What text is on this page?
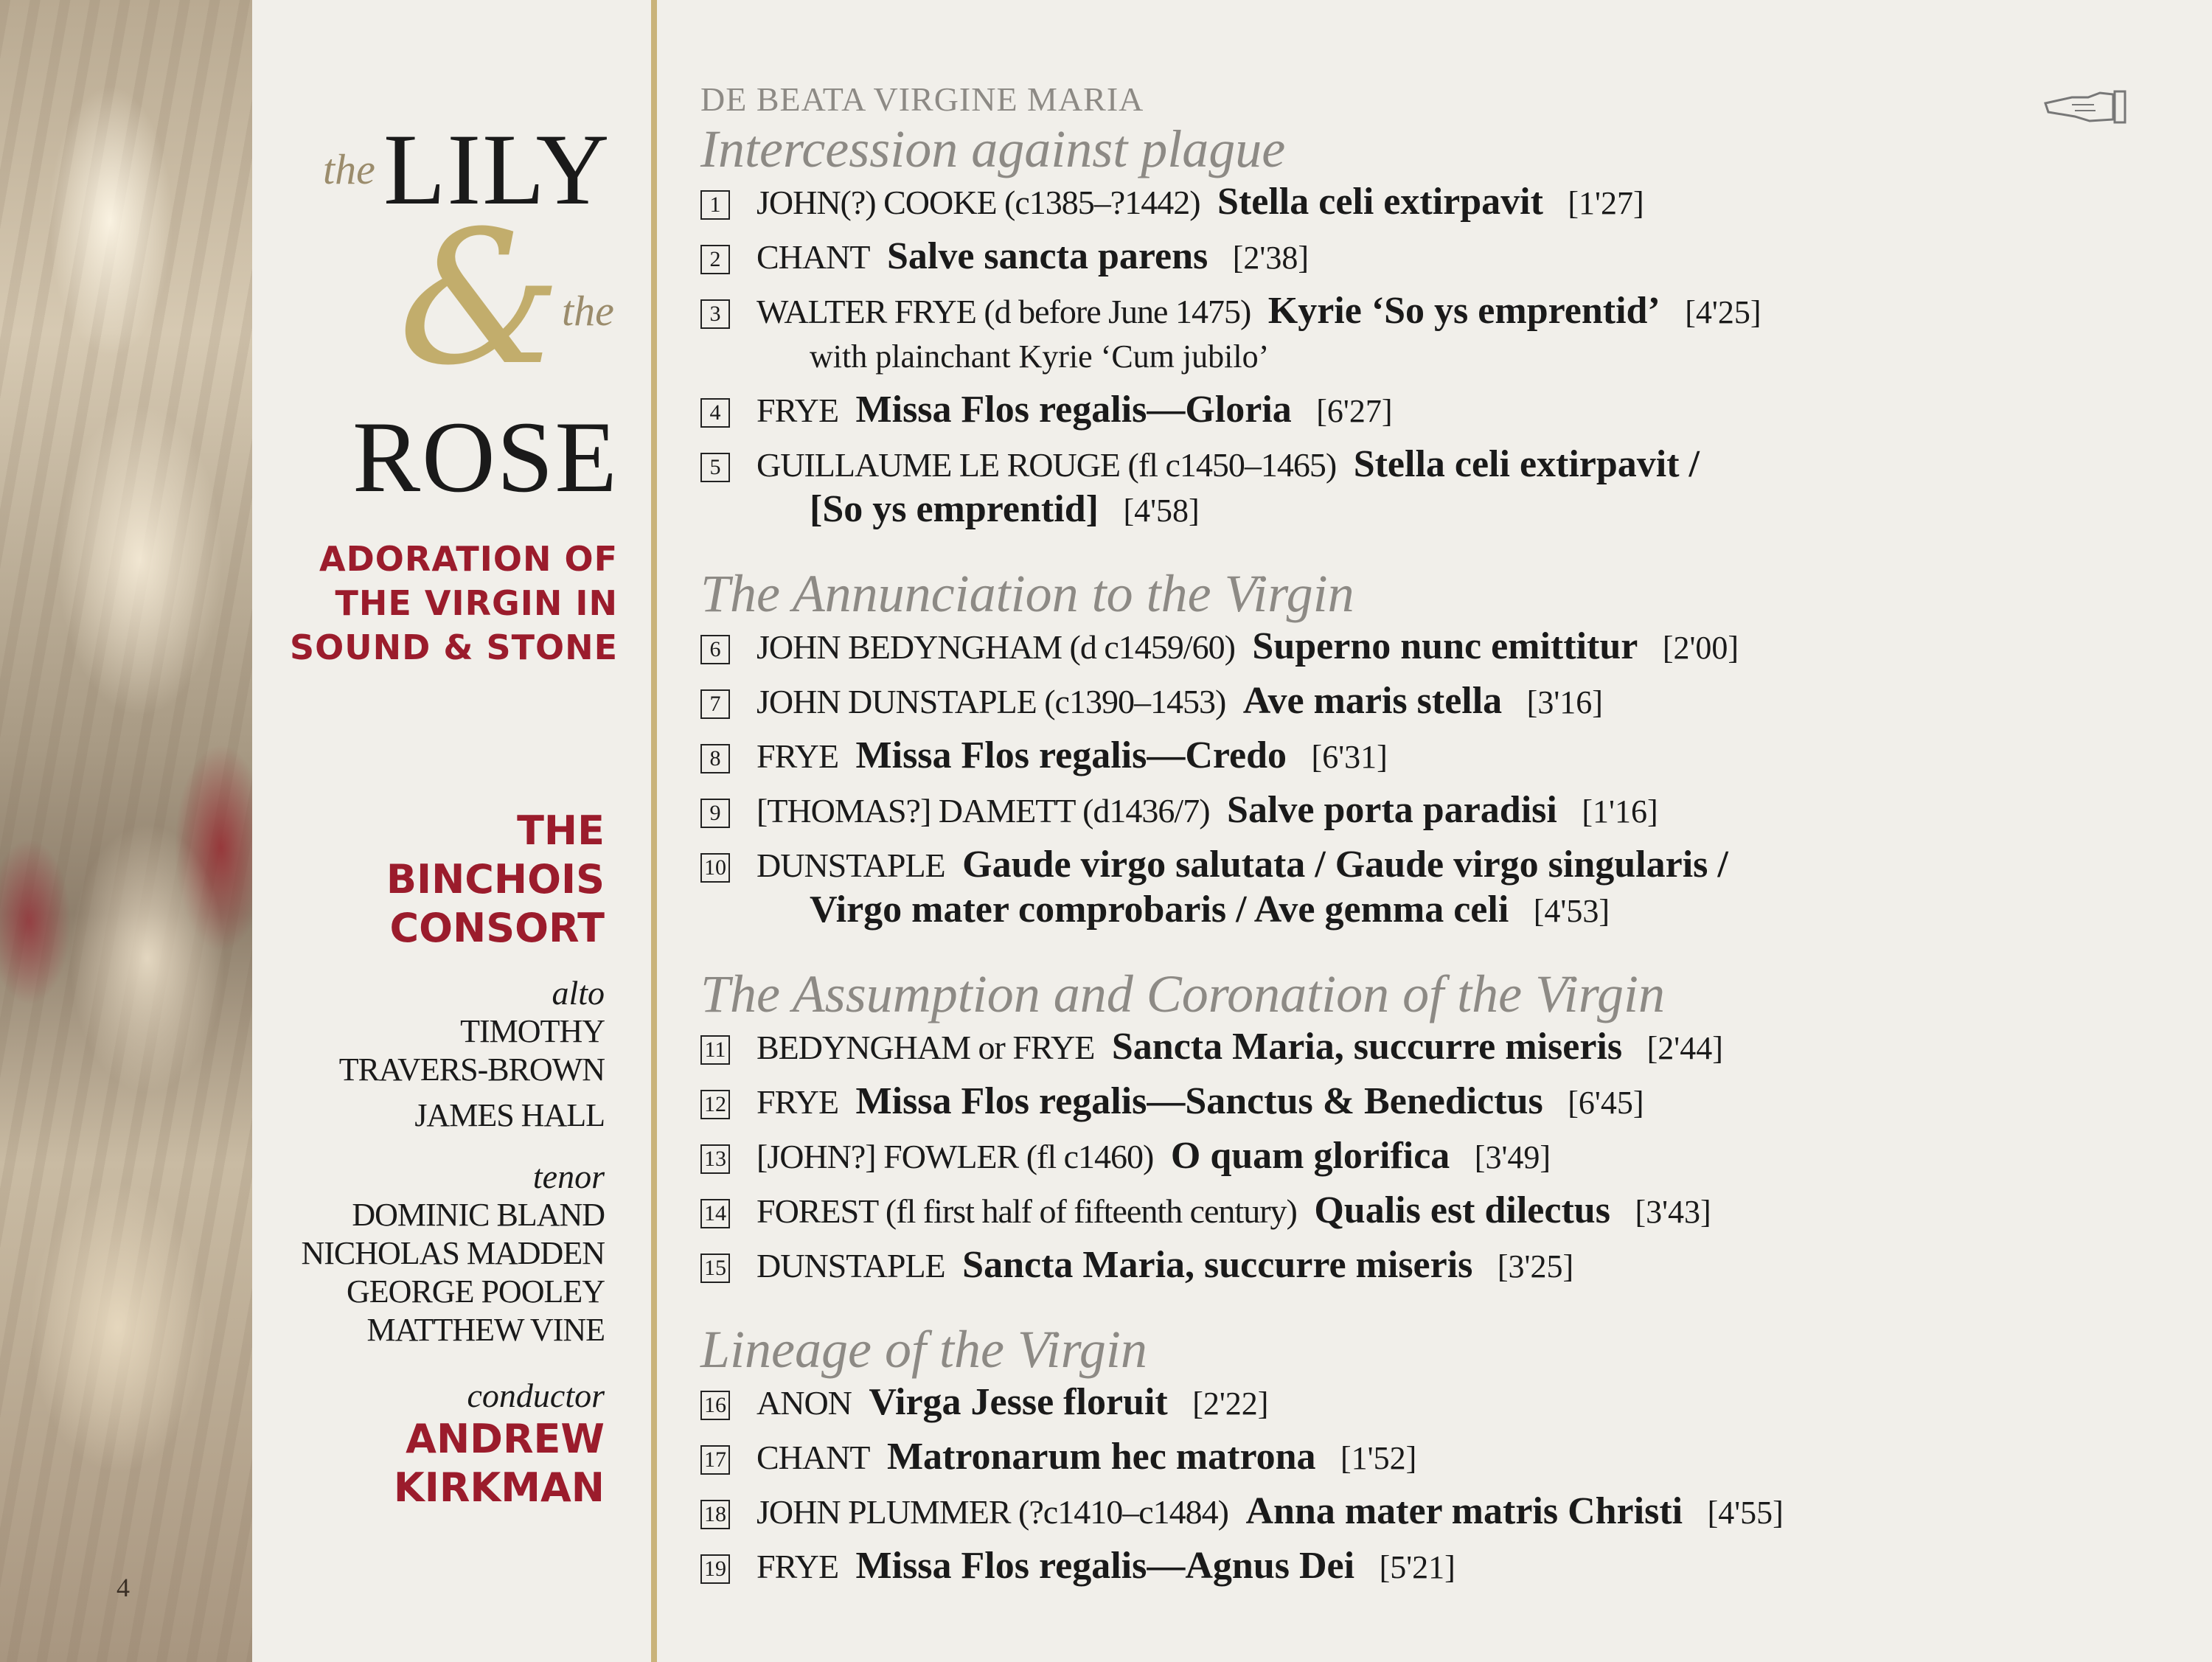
4
the LILY
& the
ROSE
ADORATION OF
THE VIRGIN IN
SOUND & STONE
THE
BINCHOIS
CONSORT
alto
TIMOTHY
TRAVERS-BROWN
JAMES HALL
tenor
DOMINIC BLAND
NICHOLAS MADDEN
GEORGE POOLEY
MATTHEW VINE
conductor
ANDREW
KIRKMAN
DE BEATA VIRGINE MARIA
Intercession against plague
1 JOHN(?) COOKE (c1385–?1442) Stella celi extirpavit [1'27]
2 CHANT Salve sancta parens [2'38]
3 WALTER FRYE (d before June 1475) Kyrie ‘So ys emprentid’ [4'25]
with plainchant Kyrie ‘Cum jubilo’
4 FRYE Missa Flos regalis—Gloria [6'27]
5 GUILLAUME LE ROUGE (fl c1450–1465) Stella celi extirpavit /
[So ys emprentid] [4'58]
The Annunciation to the Virgin
6 JOHN BEDYNGHAM (d c1459/60) Superno nunc emittitur [2'00]
7 JOHN DUNSTAPLE (c1390–1453) Ave maris stella [3'16]
8 FRYE Missa Flos regalis—Credo [6'31]
9 [THOMAS?] DAMETT (d1436/7) Salve porta paradisi [1'16]
10 DUNSTAPLE Gaude virgo salutata / Gaude virgo singularis /
Virgo mater comprobaris / Ave gemma celi [4'53]
The Assumption and Coronation of the Virgin
11 BEDYNGHAM or FRYE Sancta Maria, succurre miseris [2'44]
12 FRYE Missa Flos regalis—Sanctus & Benedictus [6'45]
13 [JOHN?] FOWLER (fl c1460) O quam glorifica [3'49]
14 FOREST (fl first half of fifteenth century) Qualis est dilectus [3'43]
15 DUNSTAPLE Sancta Maria, succurre miseris [3'25]
Lineage of the Virgin
16 ANON Virga Jesse floruit [2'22]
17 CHANT Matronarum hec matrona [1'52]
18 JOHN PLUMMER (?c1410–c1484) Anna mater matris Christi [4'55]
19 FRYE Missa Flos regalis—Agnus Dei [5'21]
